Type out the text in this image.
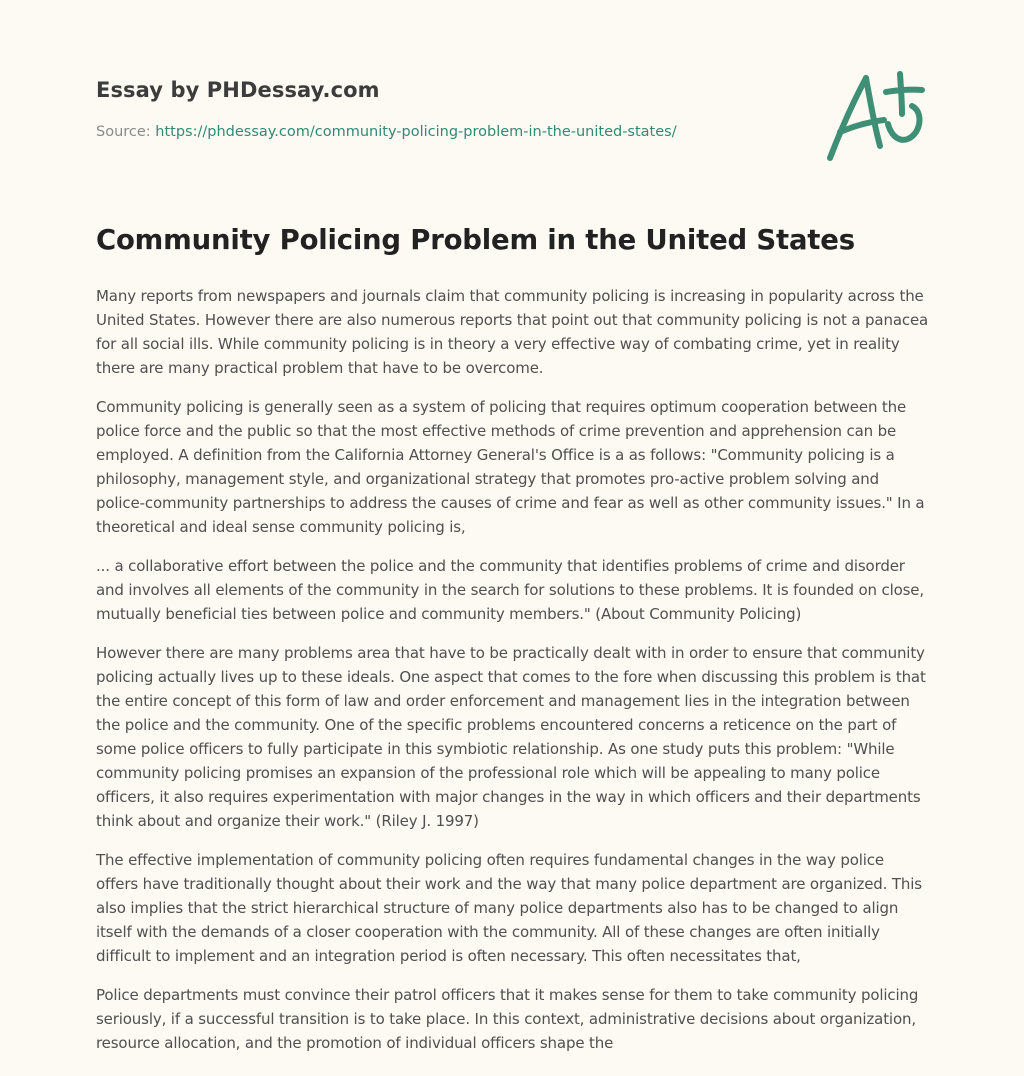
Essay by PHDessay.com
Source: https://phdessay.com/community-policing-problem-in-the-united-states/
Community Policing Problem in the United States

Many reports from newspapers and journals claim that community policing is increasing in popularity across the United States. However there are also numerous reports that point out that community policing is not a panacea for all social ills. While community policing is in theory a very effective way of combating crime, yet in reality there are many practical problem that have to be overcome.

Community policing is generally seen as a system of policing that requires optimum cooperation between the police force and the public so that the most effective methods of crime prevention and apprehension can be employed. A definition from the California Attorney General's Office is a as follows: "Community policing is a philosophy, management style, and organizational strategy that promotes pro-active problem solving and police-community partnerships to address the causes of crime and fear as well as other community issues." In a theoretical and ideal sense community policing is,

... a collaborative effort between the police and the community that identifies problems of crime and disorder and involves all elements of the community in the search for solutions to these problems. It is founded on close, mutually beneficial ties between police and community members." (About Community Policing)

However there are many problems area that have to be practically dealt with in order to ensure that community policing actually lives up to these ideals. One aspect that comes to the fore when discussing this problem is that the entire concept of this form of law and order enforcement and management lies in the integration between the police and the community. One of the specific problems encountered concerns a reticence on the part of some police officers to fully participate in this symbiotic relationship. As one study puts this problem: "While community policing promises an expansion of the professional role which will be appealing to many police officers, it also requires experimentation with major changes in the way in which officers and their departments think about and organize their work." (Riley J. 1997)

The effective implementation of community policing often requires fundamental changes in the way police offers have traditionally thought about their work and the way that many police department are organized. This also implies that the strict hierarchical structure of many police departments also has to be changed to align itself with the demands of a closer cooperation with the community. All of these changes are often initially difficult to implement and an integration period is often necessary. This often necessitates that,

Police departments must convince their patrol officers that it makes sense for them to take community policing seriously, if a successful transition is to take place. In this context, administrative decisions about organization, resource allocation, and the promotion of individual officers shape the
